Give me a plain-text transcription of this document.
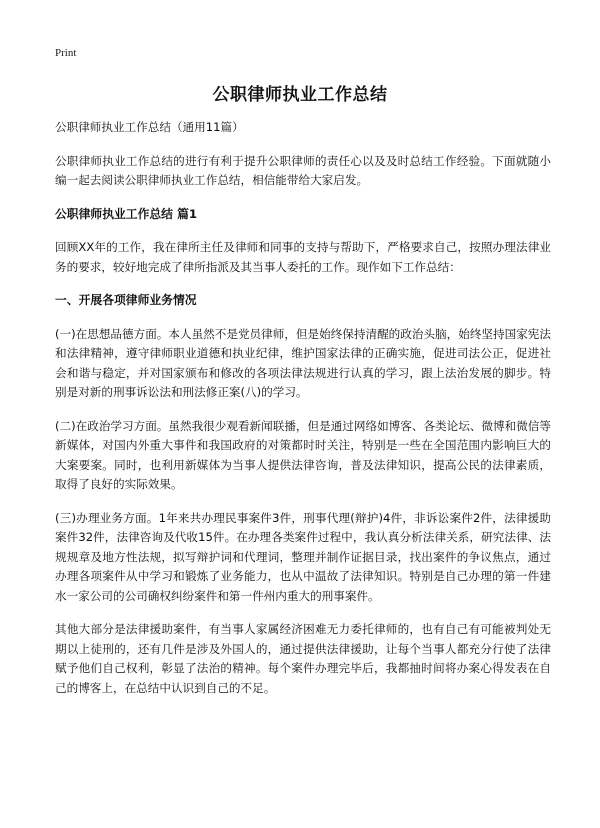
Print
公职律师执业工作总结

公职律师执业工作总结（通用11篇）

公职律师执业工作总结的进行有利于提升公职律师的责任心以及及时总结工作经验。下面就随小编一起去阅读公职律师执业工作总结，相信能带给大家启发。

公职律师执业工作总结 篇1

回顾XX年的工作，我在律所主任及律师和同事的支持与帮助下，严格要求自己，按照办理法律业务的要求，较好地完成了律所指派及其当事人委托的工作。现作如下工作总结：

一、开展各项律师业务情况

(一)在思想品德方面。本人虽然不是党员律师，但是始终保持清醒的政治头脑，始终坚持国家宪法和法律精神，遵守律师职业道德和执业纪律，维护国家法律的正确实施，促进司法公正，促进社会和谐与稳定，并对国家颁布和修改的各项法律法规进行认真的学习，跟上法治发展的脚步。特别是对新的刑事诉讼法和刑法修正案(八)的学习。

(二)在政治学习方面。虽然我很少观看新闻联播，但是通过网络如博客、各类论坛、微博和微信等新媒体，对国内外重大事件和我国政府的对策都时时关注，特别是一些在全国范围内影响巨大的大案要案。同时，也利用新媒体为当事人提供法律咨询，普及法律知识，提高公民的法律素质，取得了良好的实际效果。

(三)办理业务方面。1年来共办理民事案件3件，刑事代理(辩护)4件，非诉讼案件2件，法律援助案件32件，法律咨询及代收15件。在办理各类案件过程中，我认真分析法律关系，研究法律、法规规章及地方性法规，拟写辩护词和代理词，整理并制作证据目录，找出案件的争议焦点，通过办理各项案件从中学习和锻炼了业务能力，也从中温故了法律知识。特别是自己办理的第一件建水一家公司的公司确权纠纷案件和第一件州内重大的刑事案件。

其他大部分是法律援助案件，有当事人家属经济困难无力委托律师的，也有自己有可能被判处无期以上徒刑的，还有几件是涉及外国人的，通过提供法律援助，让每个当事人都充分行使了法律赋予他们自己权利，彰显了法治的精神。每个案件办理完毕后，我都抽时间将办案心得发表在自己的博客上，在总结中认识到自己的不足。
